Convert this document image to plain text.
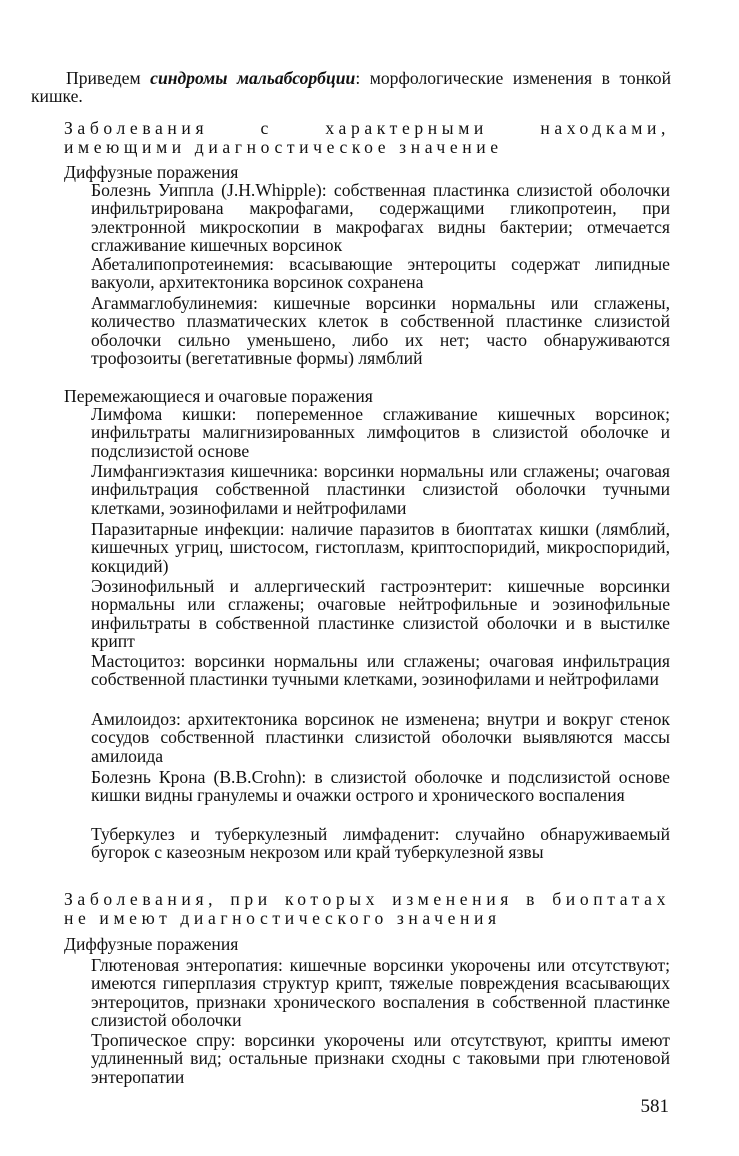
Приведем синдромы мальабсорбции: морфологические изменения в тонкой кишке.
Заболевания с характерными находками, имеющими диагностическое значение
Диффузные поражения
Болезнь Уиппла (J.H.Whipple): собственная пластинка слизистой оболочки инфильтрирована макрофагами, содержащими гликопротеин, при электронной микроскопии в макрофагах видны бактерии; отмечается сглаживание кишечных ворсинок
Абеталипопротеинемия: всасывающие энтероциты содержат липидные вакуоли, архитектоника ворсинок сохранена
Агаммаглобулинемия: кишечные ворсинки нормальны или сглажены, количество плазматических клеток в собственной пластинке слизистой оболочки сильно уменьшено, либо их нет; часто обнаруживаются трофозоиты (вегетативные формы) лямблий
Перемежающиеся и очаговые поражения
Лимфома кишки: попеременное сглаживание кишечных ворсинок; инфильтраты малигнизированных лимфоцитов в слизистой оболочке и подслизистой основе
Лимфангиэктазия кишечника: ворсинки нормальны или сглажены; очаговая инфильтрация собственной пластинки слизистой оболочки тучными клетками, эозинофилами и нейтрофилами
Паразитарные инфекции: наличие паразитов в биоптатах кишки (лямблий, кишечных угриц, шистосом, гистоплазм, криптоспоридий, микроспоридий, кокцидий)
Эозинофильный и аллергический гастроэнтерит: кишечные ворсинки нормальны или сглажены; очаговые нейтрофильные и эозинофильные инфильтраты в собственной пластинке слизистой оболочки и в выстилке крипт
Мастоцитоз: ворсинки нормальны или сглажены; очаговая инфильтрация собственной пластинки тучными клетками, эозинофилами и нейтрофилами
Амилоидоз: архитектоника ворсинок не изменена; внутри и вокруг стенок сосудов собственной пластинки слизистой оболочки выявляются массы амилоида
Болезнь Крона (B.B.Crohn): в слизистой оболочке и подслизистой основе кишки видны гранулемы и очажки острого и хронического воспаления
Туберкулез и туберкулезный лимфаденит: случайно обнаруживаемый бугорок с казеозным некрозом или край туберкулезной язвы
Заболевания, при которых изменения в биоптатах не имеют диагностического значения
Диффузные поражения
Глютеновая энтеропатия: кишечные ворсинки укорочены или отсутствуют; имеются гиперплазия структур крипт, тяжелые повреждения всасывающих энтероцитов, признаки хронического воспаления в собственной пластинке слизистой оболочки
Тропическое спру: ворсинки укорочены или отсутствуют, крипты имеют удлиненный вид; остальные признаки сходны с таковыми при глютеновой энтеропатии
581
